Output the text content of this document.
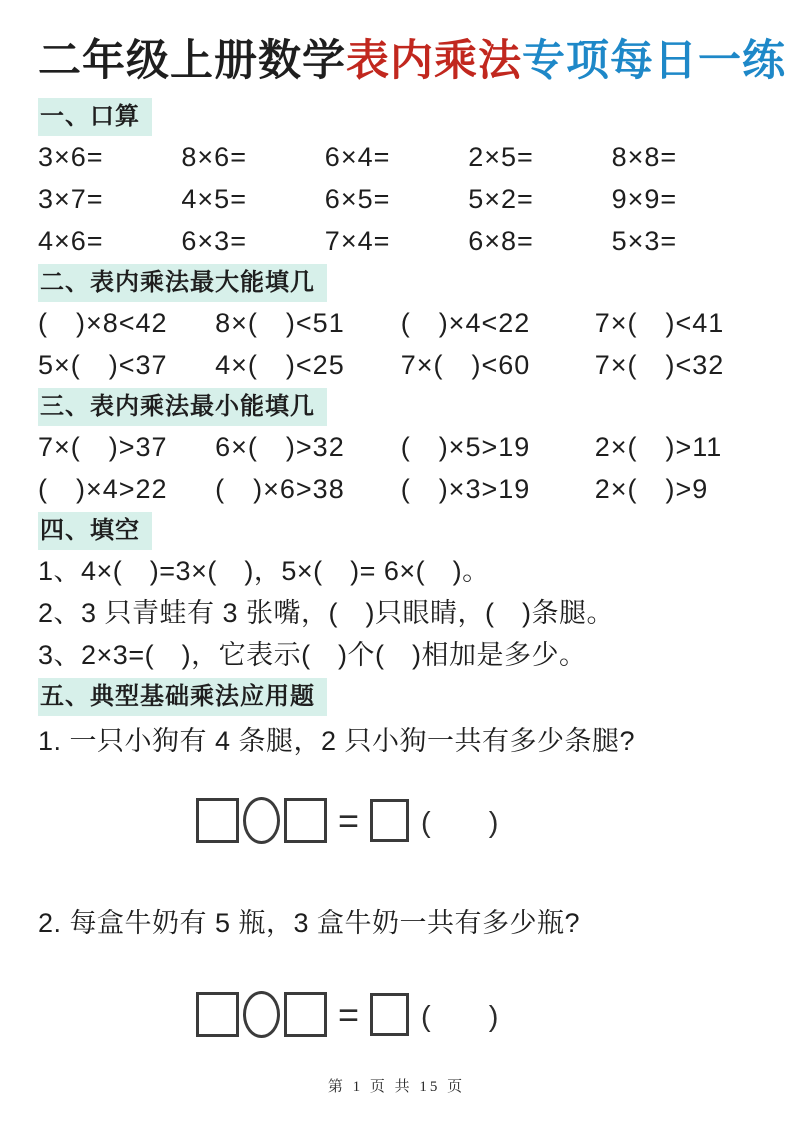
二年级上册数学表内乘法专项每日一练
一、口算
3×6=	8×6=	6×4=	2×5=	8×8=
3×7=	4×5=	6×5=	5×2=	9×9=
4×6=	6×3=	7×4=	6×8=	5×3=
二、表内乘法最大能填几
(　)×8<42	8×(　)<51	(　)×4<22	7×(　)<41
5×(　)<37	4×(　)<25	7×(　)<60	7×(　)<32
三、表内乘法最小能填几
7×(　)>37	6×(　)>32	(　)×5>19	2×(　)>11
(　)×4>22	(　)×6>38	(　)×3>19	2×(　)>9
四、填空
1、4×(　)=3×(　)，5×(　)= 6×(　)。
2、3 只青蛙有 3 张嘴，(　)只眼睛，(　)条腿。
3、2×3=(　)，它表示(　)个(　)相加是多少。
五、典型基础乘法应用题
1. 一只小狗有 4 条腿，2 只小狗一共有多少条腿?
= (　　)
2. 每盒牛奶有 5 瓶，3 盒牛奶一共有多少瓶?
= (　　)
第 1 页 共 15 页
